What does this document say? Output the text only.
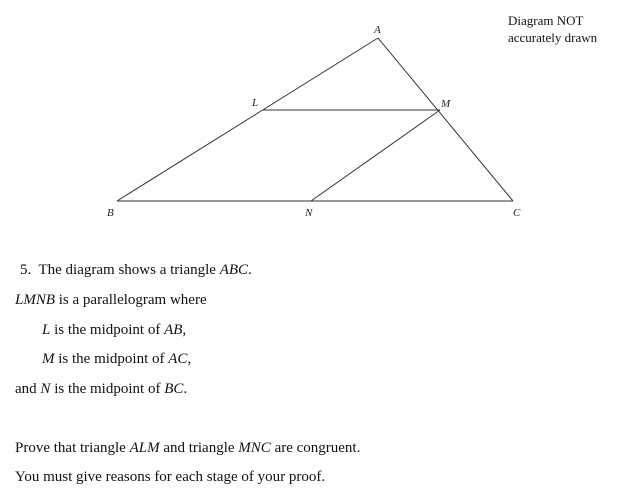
A
L	M
B	N	C
Diagram NOT
accurately drawn
5. The diagram shows a triangle ABC.
LMNB is a parallelogram where
L is the midpoint of AB,
M is the midpoint of AC,
and N is the midpoint of BC.
Prove that triangle ALM and triangle MNC are congruent.
You must give reasons for each stage of your proof.
